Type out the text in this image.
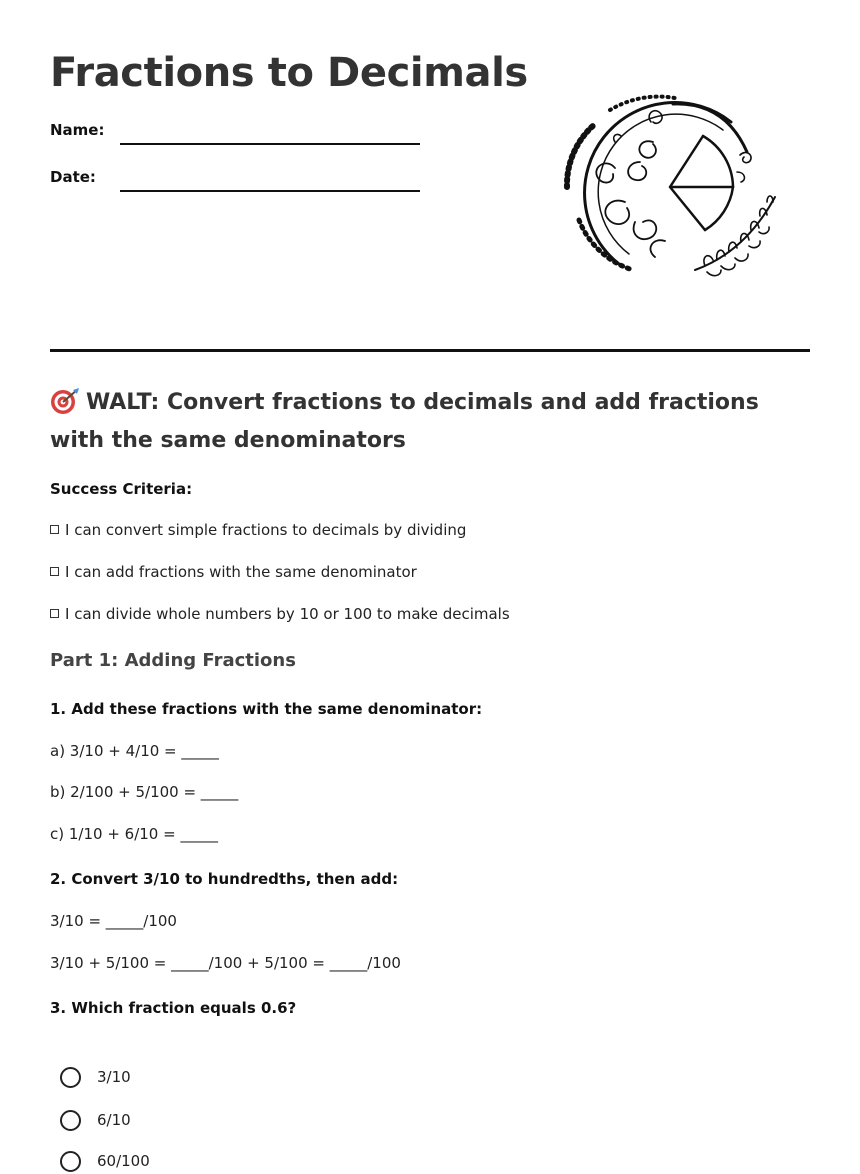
Fractions to Decimals
Name:
Date:
WALT: Convert fractions to decimals and add fractions with the same denominators
Success Criteria:
I can convert simple fractions to decimals by dividing
I can add fractions with the same denominator
I can divide whole numbers by 10 or 100 to make decimals
Part 1: Adding Fractions
1. Add these fractions with the same denominator:
a) 3/10 + 4/10 = _____
b) 2/100 + 5/100 = _____
c) 1/10 + 6/10 = _____
2. Convert 3/10 to hundredths, then add:
3/10 = _____/100
3/10 + 5/100 = _____/100 + 5/100 = _____/100
3. Which fraction equals 0.6?
3/10
6/10
60/100
